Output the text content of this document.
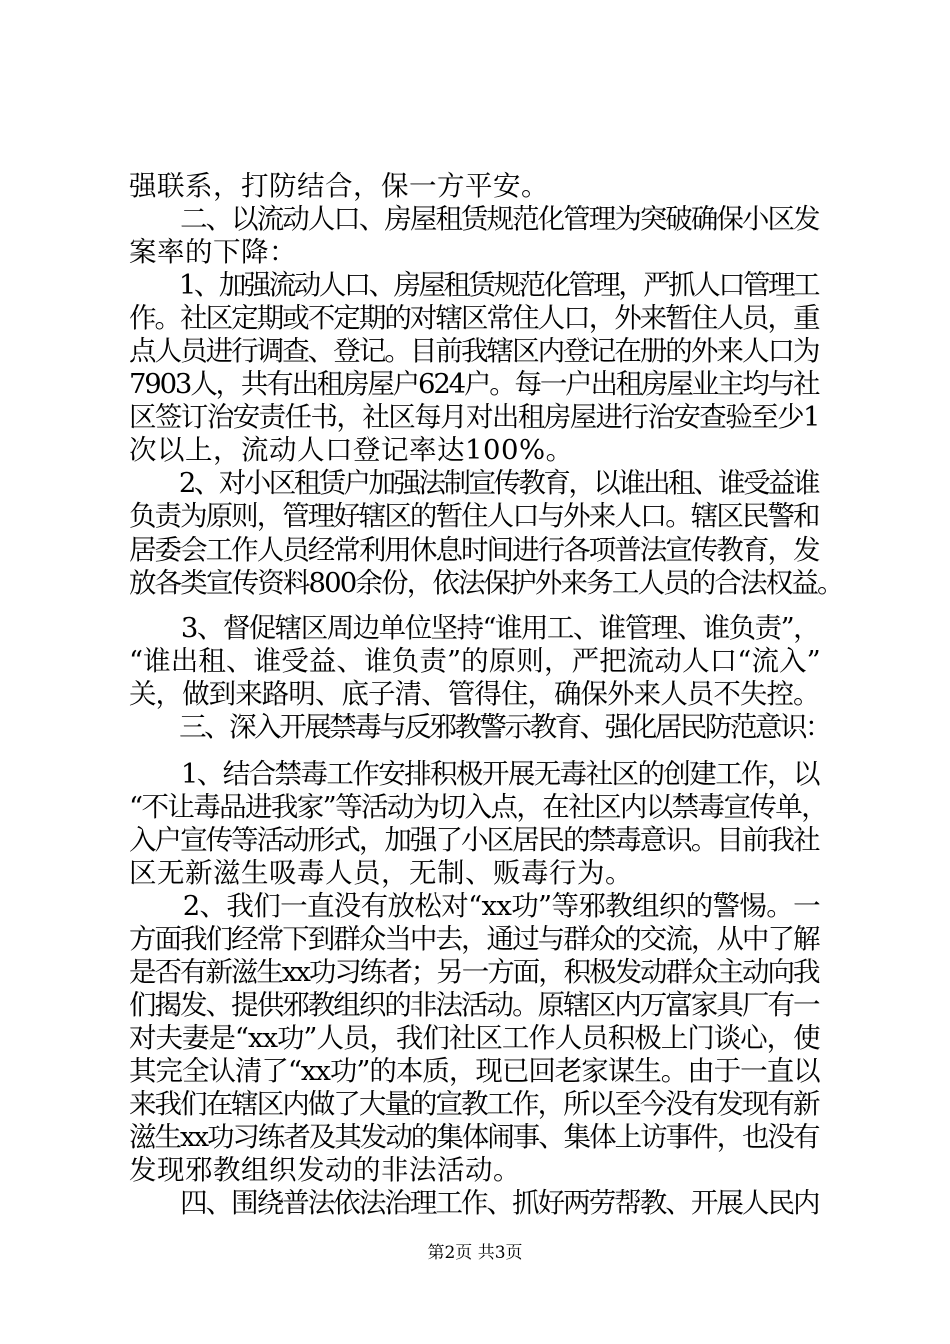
强联系，打防结合，保一方平安。
　　二、以流动人口、房屋租赁规范化管理为突破确保小区发
案率的下降：
　　1、加强流动人口、房屋租赁规范化管理，严抓人口管理工
作。社区定期或不定期的对辖区常住人口，外来暂住人员，重
点人员进行调查、登记。目前我辖区内登记在册的外来人口为
7903人，共有出租房屋户624户。每一户出租房屋业主均与社
区签订治安责任书，社区每月对出租房屋进行治安查验至少1
次以上，流动人口登记率达100%。
　　2、对小区租赁户加强法制宣传教育，以谁出租、谁受益谁
负责为原则，管理好辖区的暂住人口与外来人口。辖区民警和
居委会工作人员经常利用休息时间进行各项普法宣传教育，发
放各类宣传资料800余份，依法保护外来务工人员的合法权益。
　　3、督促辖区周边单位坚持“谁用工、谁管理、谁负责”，
“谁出租、谁受益、谁负责”的原则，严把流动人口“流入”
关，做到来路明、底子清、管得住，确保外来人员不失控。
　　三、深入开展禁毒与反邪教警示教育、强化居民防范意识：
　　1、结合禁毒工作安排积极开展无毒社区的创建工作，以
“不让毒品进我家”等活动为切入点，在社区内以禁毒宣传单，
入户宣传等活动形式，加强了小区居民的禁毒意识。目前我社
区无新滋生吸毒人员，无制、贩毒行为。
　　2、我们一直没有放松对“xx功”等邪教组织的警惕。一
方面我们经常下到群众当中去，通过与群众的交流，从中了解
是否有新滋生xx功习练者；另一方面，积极发动群众主动向我
们揭发、提供邪教组织的非法活动。原辖区内万富家具厂有一
对夫妻是“xx功”人员，我们社区工作人员积极上门谈心，使
其完全认清了“xx功”的本质，现已回老家谋生。由于一直以
来我们在辖区内做了大量的宣教工作，所以至今没有发现有新
滋生xx功习练者及其发动的集体闹事、集体上访事件，也没有
发现邪教组织发动的非法活动。
　　四、围绕普法依法治理工作、抓好两劳帮教、开展人民内
第2页 共3页
